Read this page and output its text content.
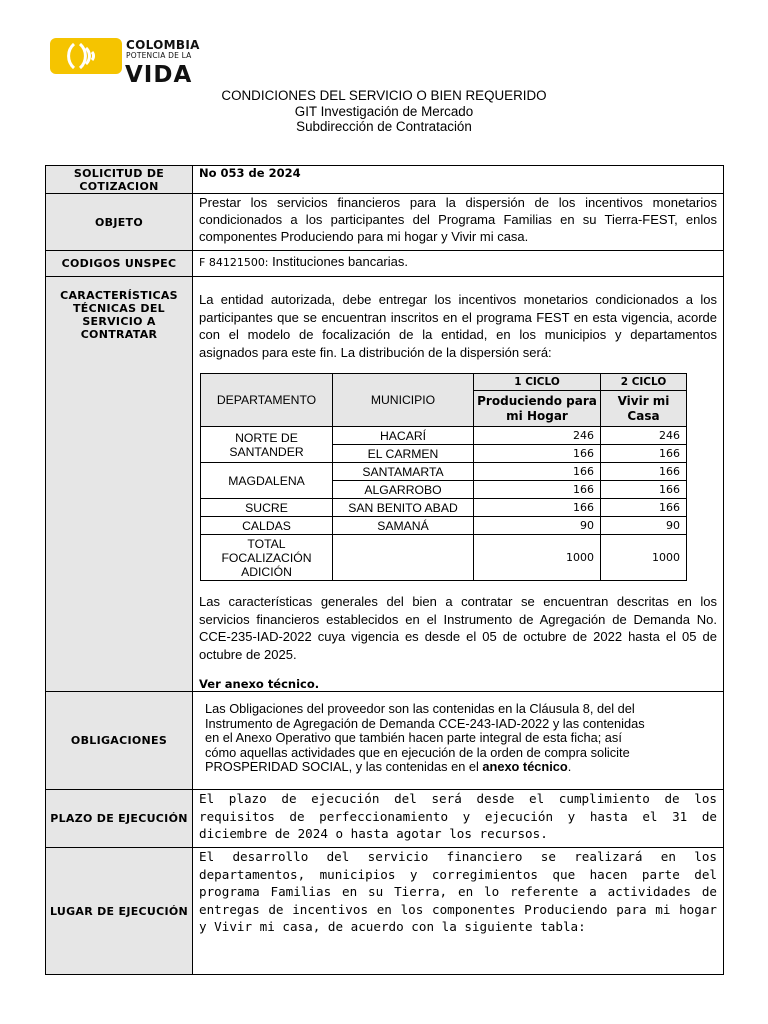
COLOMBIA
POTENCIA DE LA
VIDA
CONDICIONES DEL SERVICIO O BIEN REQUERIDO
GIT Investigación de Mercado
Subdirección de Contratación
SOLICITUD DE COTIZACION	No 053 de 2024
OBJETO	Prestar los servicios financieros para la dispersión de los incentivos monetarios condicionados a los participantes del Programa Familias en su Tierra-FEST, enlos componentes Produciendo para mi hogar y Vivir mi casa.
CODIGOS UNSPEC	F 84121500: Instituciones bancarias.
CARACTERÍSTICAS TÉCNICAS DEL SERVICIO A CONTRATAR	
La entidad autorizada, debe entregar los incentivos monetarios condicionados a los participantes que se encuentran inscritos en el programa FEST en esta vigencia, acorde con el modelo de focalización de la entidad, en los municipios y departamentos asignados para este fin. La distribución de la dispersión será:
DEPARTAMENTO	MUNICIPIO	1 CICLO	2 CICLO
Produciendo para mi Hogar	Vivir mi Casa
NORTE DE SANTANDER	HACARÍ	246	246
EL CARMEN	166	166
MAGDALENA	SANTAMARTA	166	166
ALGARROBO	166	166
SUCRE	SAN BENITO ABAD	166	166
CALDAS	SAMANÁ	90	90
TOTAL FOCALIZACIÓN ADICIÓN		1000	1000
Las características generales del bien a contratar se encuentran descritas en los servicios financieros establecidos en el Instrumento de Agregación de Demanda No. CCE-235-IAD-2022 cuya vigencia es desde el 05 de octubre de 2022 hasta el 05 de octubre de 2025.
Ver anexo técnico.

OBLIGACIONES	
Las Obligaciones del proveedor son las contenidas en la Cláusula 8, del del
Instrumento de Agregación de Demanda CCE-243-IAD-2022 y las contenidas
en el Anexo Operativo que también hacen parte integral de esta ficha; así
cómo aquellas actividades que en ejecución de la orden de compra solicite
PROSPERIDAD SOCIAL, y las contenidas en el anexo técnico.

PLAZO DE EJECUCIÓN	El plazo de ejecución del será desde el cumplimiento de los requisitos de perfeccionamiento y ejecución y hasta el 31 de diciembre de 2024 o hasta agotar los recursos.
LUGAR DE EJECUCIÓN	El desarrollo del servicio financiero se realizará en los departamentos, municipios y corregimientos que hacen parte del programa Familias en su Tierra, en lo referente a actividades de entregas de incentivos en los componentes Produciendo para mi hogar y Vivir mi casa, de acuerdo con la siguiente tabla:
